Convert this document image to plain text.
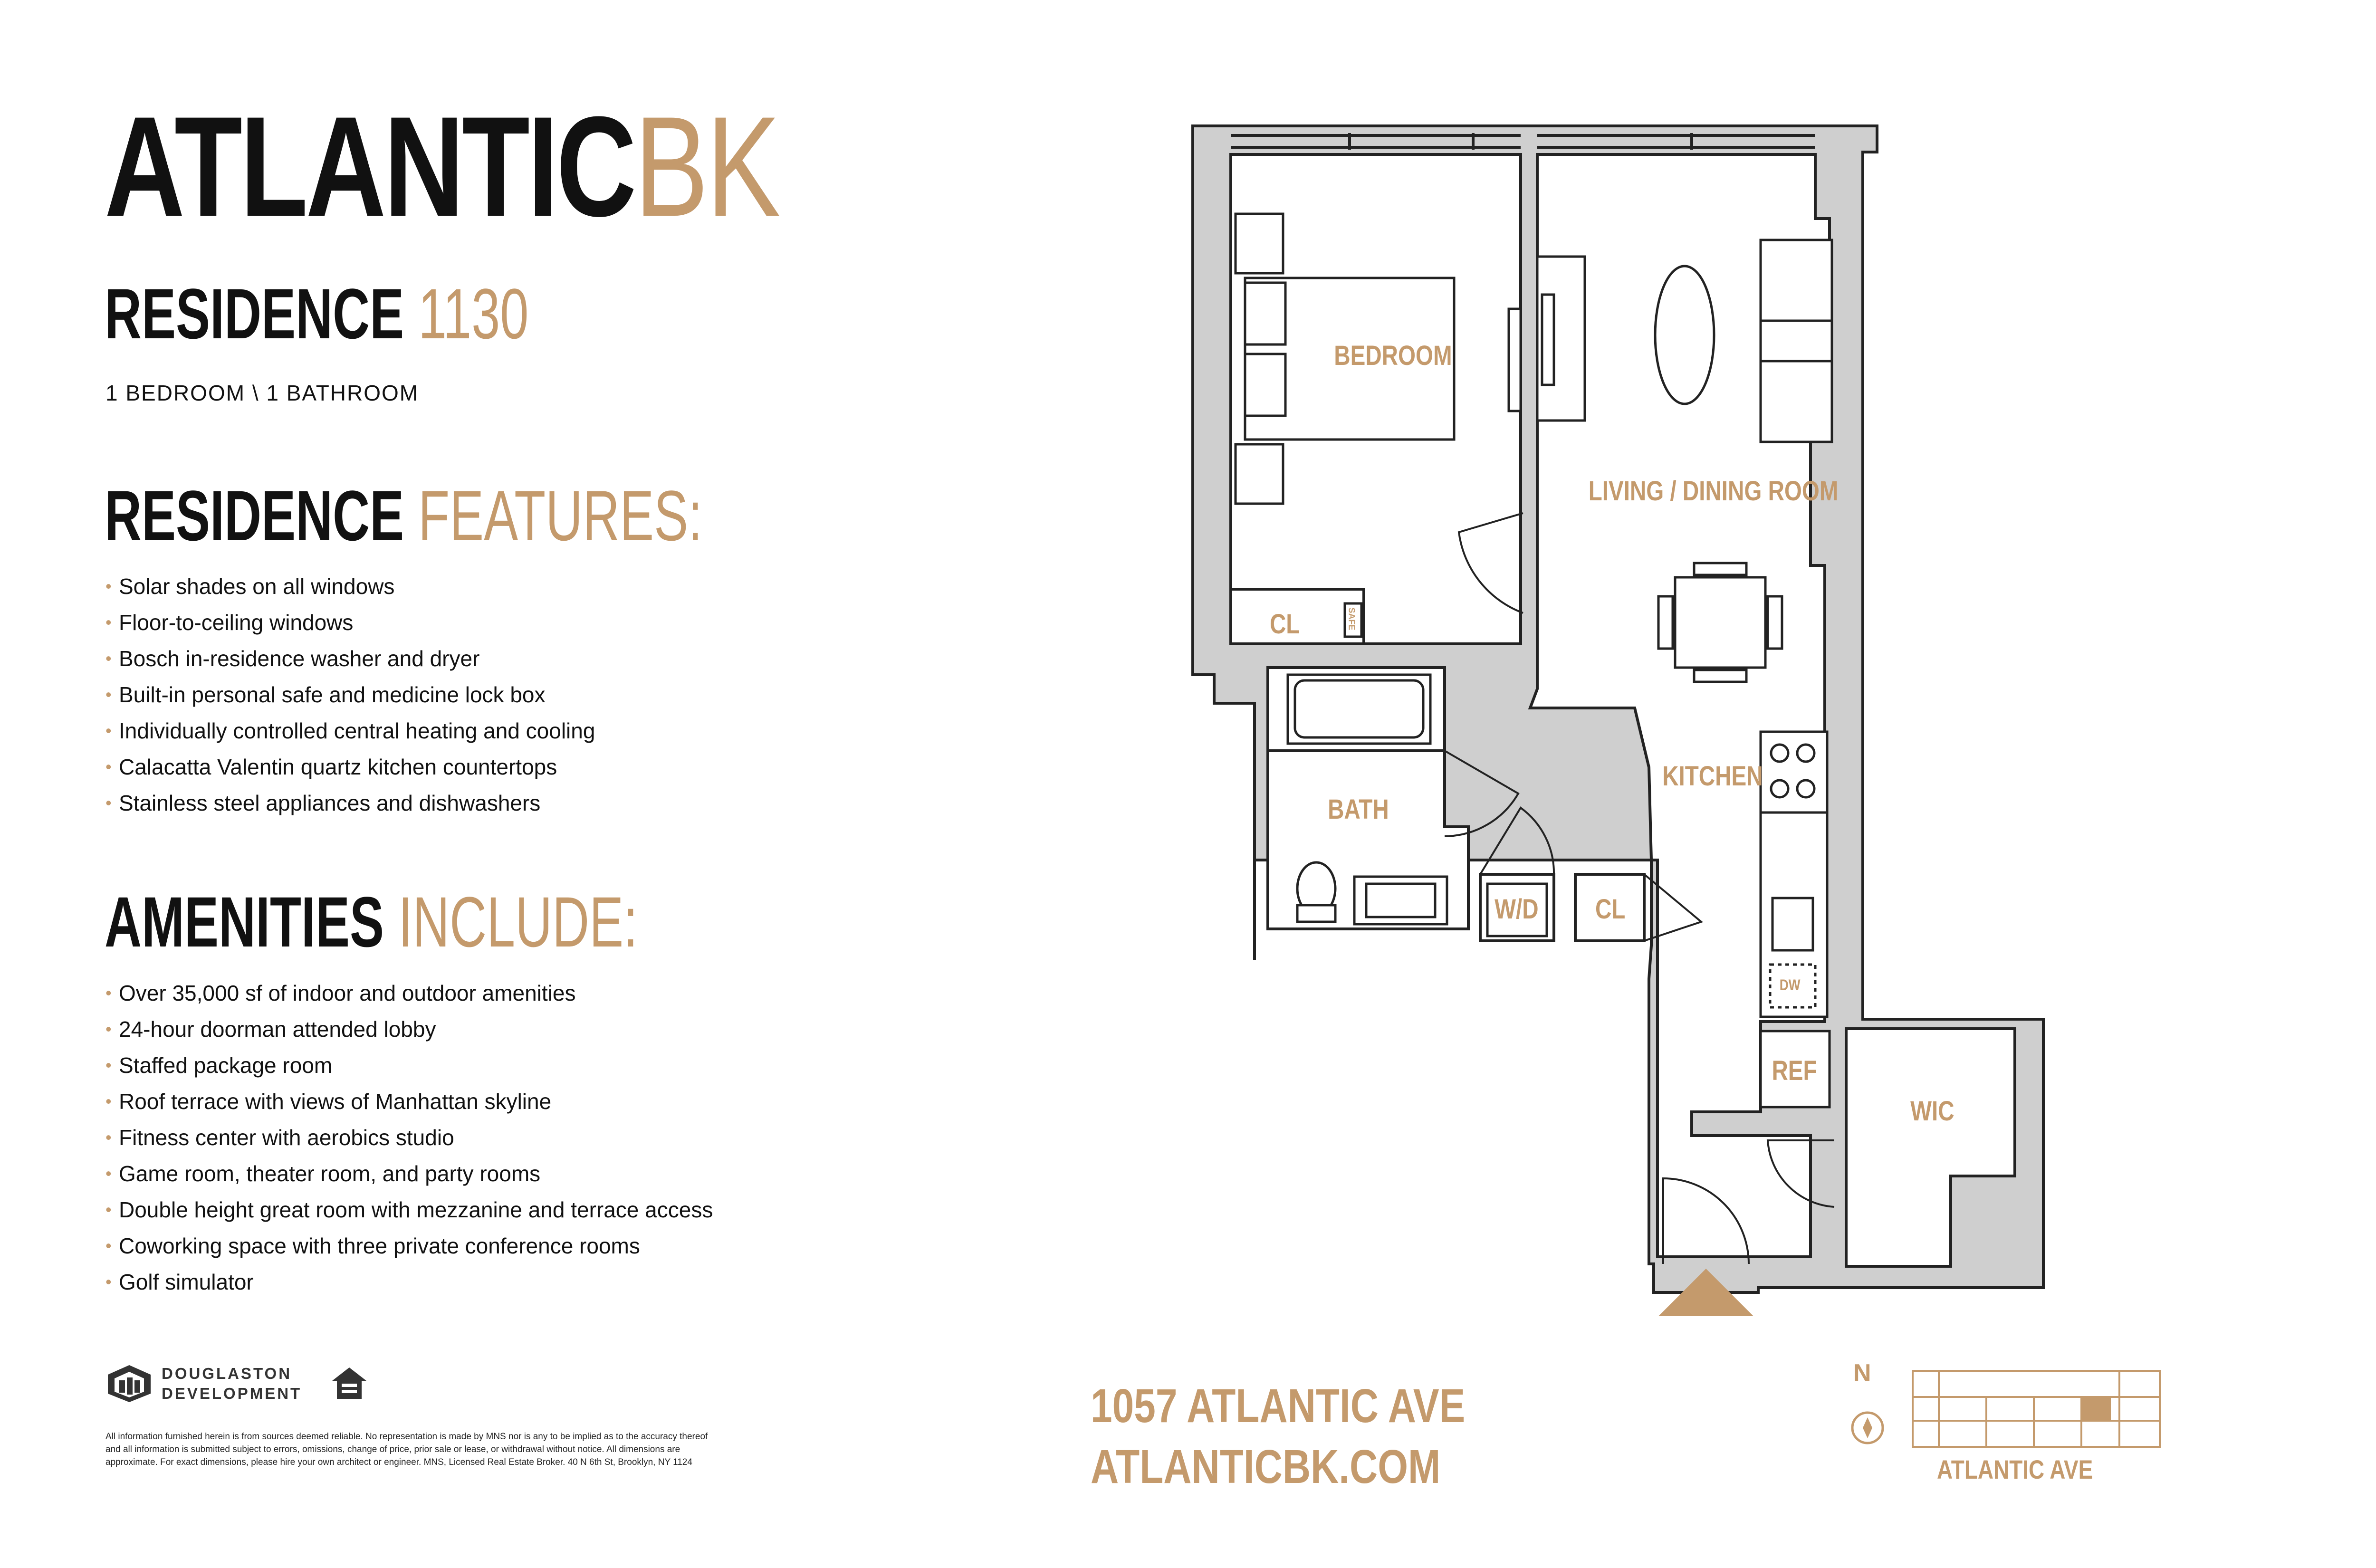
ATLANTICBK
RESIDENCE 1130
1 BEDROOM \ 1 BATHROOM
RESIDENCE FEATURES:
• Solar shades on all windows
• Floor-to-ceiling windows
• Bosch in-residence washer and dryer
• Built-in personal safe and medicine lock box
• Individually controlled central heating and cooling
• Calacatta Valentin quartz kitchen countertops
• Stainless steel appliances and dishwashers
AMENITIES INCLUDE:
• Over 35,000 sf of indoor and outdoor amenities
• 24-hour doorman attended lobby
• Staffed package room
• Roof terrace with views of Manhattan skyline
• Fitness center with aerobics studio
• Game room, theater room, and party rooms
• Double height great room with mezzanine and terrace access
• Coworking space with three private conference rooms
• Golf simulator
DOUGLASTON
DEVELOPMENT
All information furnished herein is from sources deemed reliable. No representation is made by MNS nor is any to be implied as to the accuracy thereof and all information is submitted subject to errors, omissions, change of price, prior sale or lease, or withdrawal without notice. All dimensions are approximate. For exact dimensions, please hire your own architect or engineer. MNS, Licensed Real Estate Broker. 40 N 6th St, Brooklyn, NY 1124
1057 ATLANTIC AVE
ATLANTICBK.COM
BEDROOM
LIVING / DINING ROOM
KITCHEN
BATH
CL
CL
W/D
REF
WIC
DW
SAFE
N
ATLANTIC AVE
